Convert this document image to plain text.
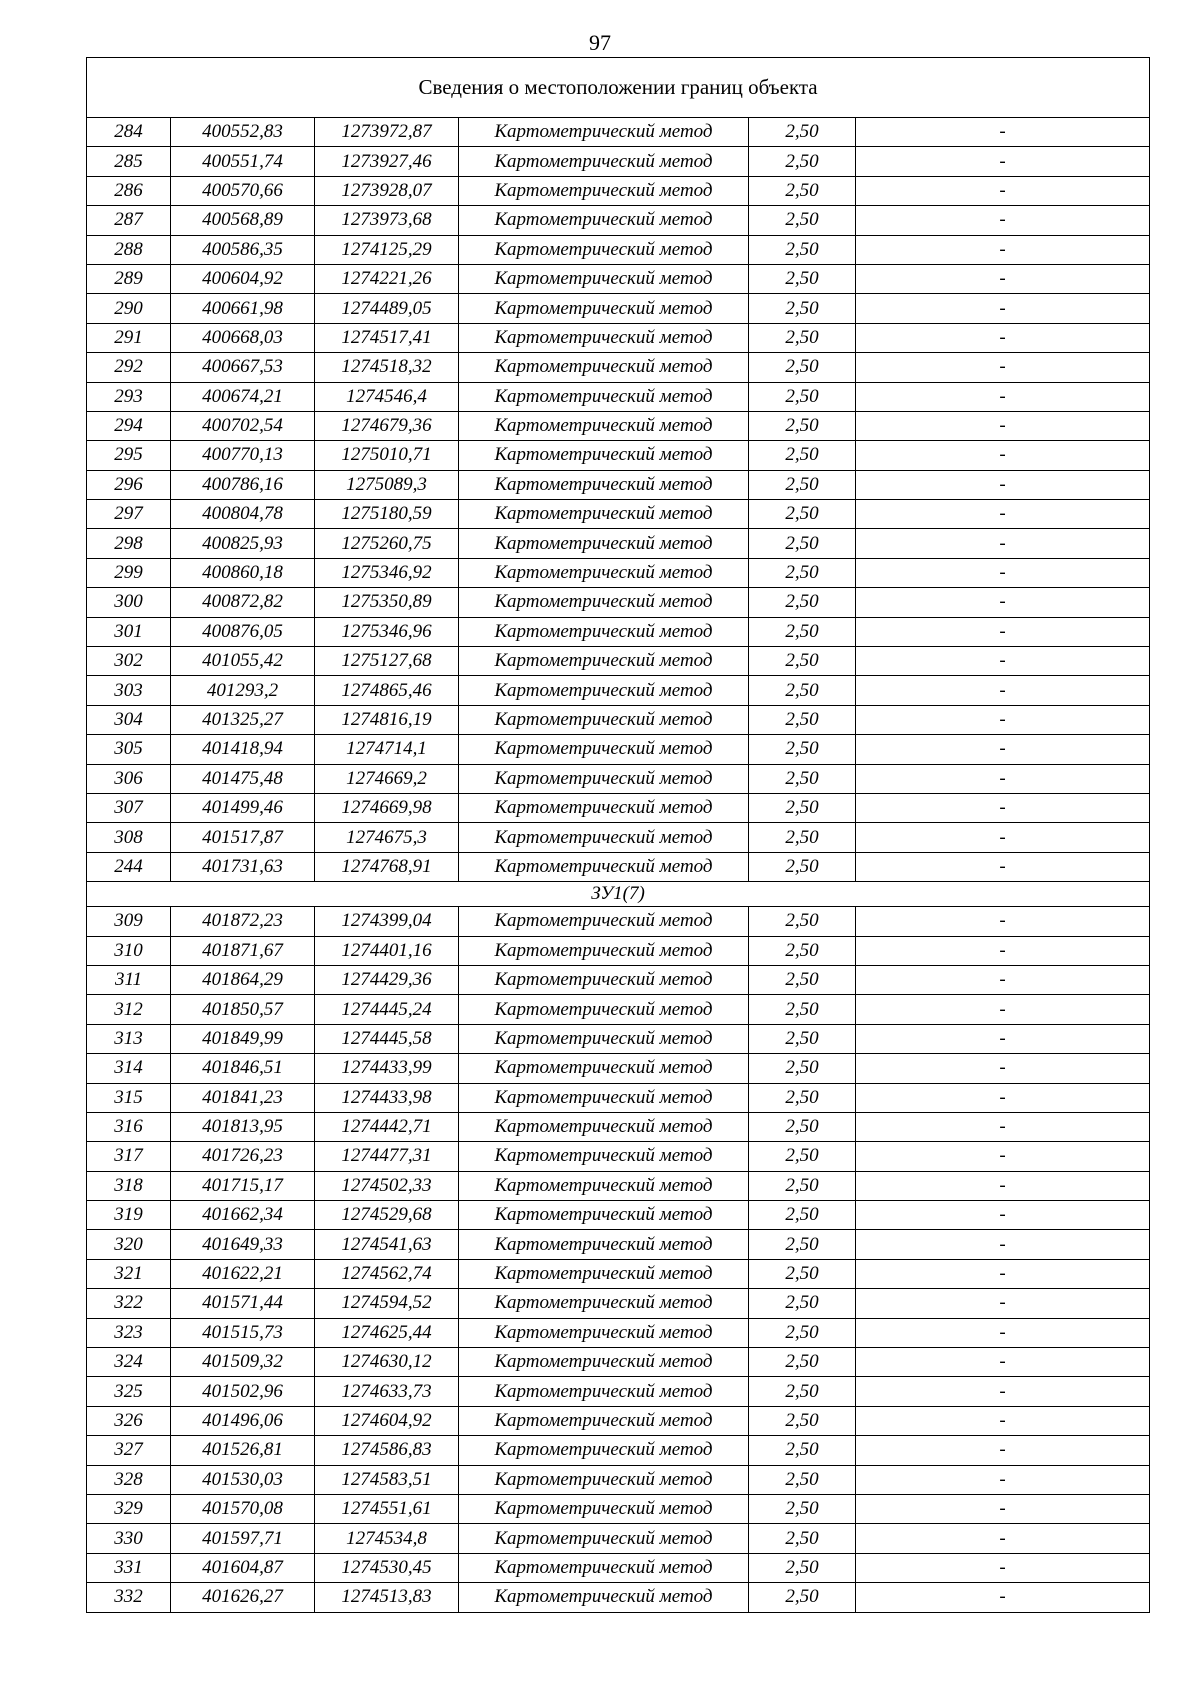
97
Сведения о местоположении границ объекта					
284	400552,83	1273972,87	Картометрический метод	2,50	-
285	400551,74	1273927,46	Картометрический метод	2,50	-
286	400570,66	1273928,07	Картометрический метод	2,50	-
287	400568,89	1273973,68	Картометрический метод	2,50	-
288	400586,35	1274125,29	Картометрический метод	2,50	-
289	400604,92	1274221,26	Картометрический метод	2,50	-
290	400661,98	1274489,05	Картометрический метод	2,50	-
291	400668,03	1274517,41	Картометрический метод	2,50	-
292	400667,53	1274518,32	Картометрический метод	2,50	-
293	400674,21	1274546,4	Картометрический метод	2,50	-
294	400702,54	1274679,36	Картометрический метод	2,50	-
295	400770,13	1275010,71	Картометрический метод	2,50	-
296	400786,16	1275089,3	Картометрический метод	2,50	-
297	400804,78	1275180,59	Картометрический метод	2,50	-
298	400825,93	1275260,75	Картометрический метод	2,50	-
299	400860,18	1275346,92	Картометрический метод	2,50	-
300	400872,82	1275350,89	Картометрический метод	2,50	-
301	400876,05	1275346,96	Картометрический метод	2,50	-
302	401055,42	1275127,68	Картометрический метод	2,50	-
303	401293,2	1274865,46	Картометрический метод	2,50	-
304	401325,27	1274816,19	Картометрический метод	2,50	-
305	401418,94	1274714,1	Картометрический метод	2,50	-
306	401475,48	1274669,2	Картометрический метод	2,50	-
307	401499,46	1274669,98	Картометрический метод	2,50	-
308	401517,87	1274675,3	Картометрический метод	2,50	-
244	401731,63	1274768,91	Картометрический метод	2,50	-
ЗУ1(7)					
309	401872,23	1274399,04	Картометрический метод	2,50	-
310	401871,67	1274401,16	Картометрический метод	2,50	-
311	401864,29	1274429,36	Картометрический метод	2,50	-
312	401850,57	1274445,24	Картометрический метод	2,50	-
313	401849,99	1274445,58	Картометрический метод	2,50	-
314	401846,51	1274433,99	Картометрический метод	2,50	-
315	401841,23	1274433,98	Картометрический метод	2,50	-
316	401813,95	1274442,71	Картометрический метод	2,50	-
317	401726,23	1274477,31	Картометрический метод	2,50	-
318	401715,17	1274502,33	Картометрический метод	2,50	-
319	401662,34	1274529,68	Картометрический метод	2,50	-
320	401649,33	1274541,63	Картометрический метод	2,50	-
321	401622,21	1274562,74	Картометрический метод	2,50	-
322	401571,44	1274594,52	Картометрический метод	2,50	-
323	401515,73	1274625,44	Картометрический метод	2,50	-
324	401509,32	1274630,12	Картометрический метод	2,50	-
325	401502,96	1274633,73	Картометрический метод	2,50	-
326	401496,06	1274604,92	Картометрический метод	2,50	-
327	401526,81	1274586,83	Картометрический метод	2,50	-
328	401530,03	1274583,51	Картометрический метод	2,50	-
329	401570,08	1274551,61	Картометрический метод	2,50	-
330	401597,71	1274534,8	Картометрический метод	2,50	-
331	401604,87	1274530,45	Картометрический метод	2,50	-
332	401626,27	1274513,83	Картометрический метод	2,50	-
